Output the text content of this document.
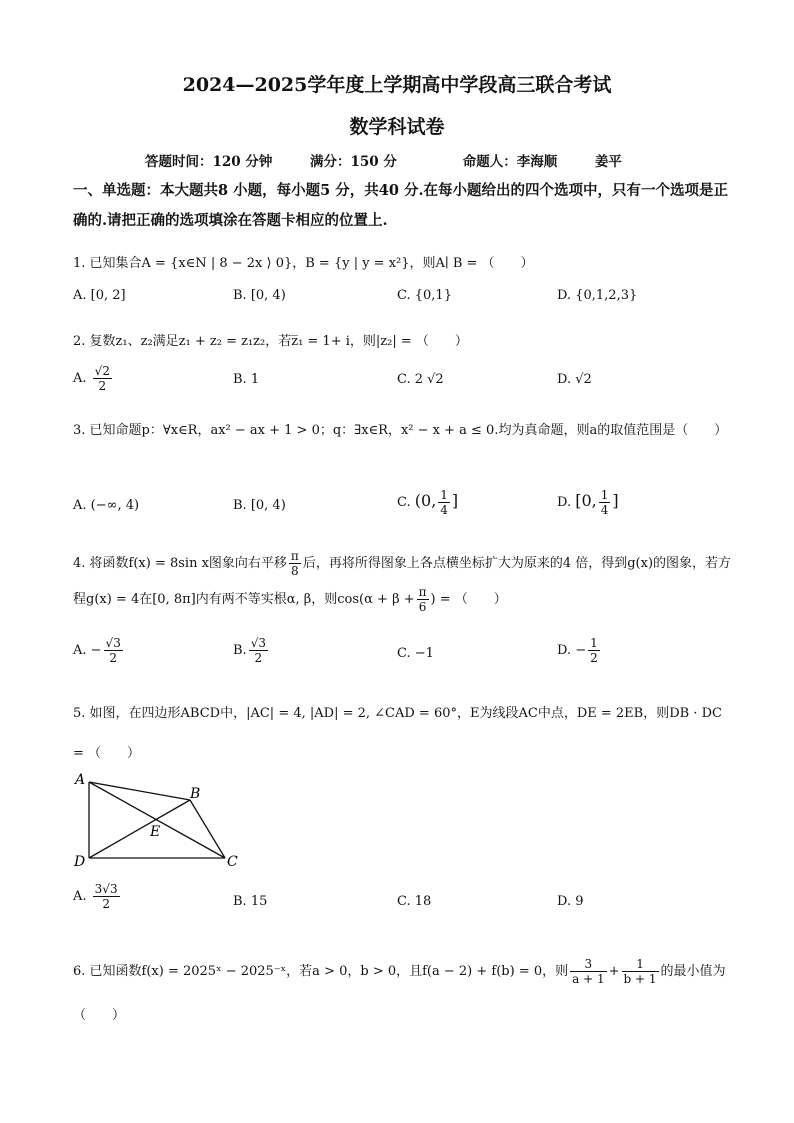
2024—2025学年度上学期高中学段高三联合考试
数学科试卷
答题时间：120 分钟	满分：150 分	命题人：李海顺	姜平
一、单选题：本大题共8 小题，每小题5 分，共40 分.在每小题给出的四个选项中，只有一个选项是正确的.请把正确的选项填涂在答题卡相应的位置上.
1. 已知集合A = {x∈N | 8 − 2x ⟩ 0}，B = {y | y = x²}，则A∣ B = （　　）
A. [0, 2]	B. [0, 4)	C. {0,1}	D. {0,1,2,3}
2. 复数z₁、z₂满足z₁ + z₂ = z₁z₂，若z̅₁ = 1+ i，则|z₂| = （　　）
A. $\frac{√2}{2}$	B. 1	C. 2 √2	D. √2
3. 已知命题p：∀x∈R，ax² − ax + 1 > 0；q：∃x∈R，x² − x + a ≤ 0.均为真命题，则a的取值范围是（　　）
A. (−∞, 4)	B. [0, 4)	C. (0, $\frac{1}{4}$ ]	D. [0, $\frac{1}{4}$ ]
4. 将函数f(x) = 8sin x图象向右平移 $\frac{\pi}{8}$ 后，再将所得图象上各点横坐标扩大为原来的4 倍，得到g(x)的图象，若方程g(x) = 4在[0, 8π]内有两不等实根α, β，则$\cos(\alpha + \beta + \frac{\pi}{6}$ ) = （　　）
A. − $\frac{√3}{2}$	B. $\frac{√3}{2}$	C. −1	D. − $\frac{1}{2}$
5. 如图，在四边形ABCD中，|AC| = 4, |AD| = 2, ∠CAD = 60°，E为线段AC中点，DE = 2EB，则DB · DC = （　　）
A
B
E
D	C
A. $\frac{3√3}{2}$	B. 15	C. 18	D. 9
6. 已知函数f(x) = 2025ˣ − 2025⁻ˣ，若a > 0，b > 0，且f(a − 2) + f(b) = 0，则 $\frac{3}{a + 1} + \frac{1}{b + 1}$ 的最小值为（　　）
